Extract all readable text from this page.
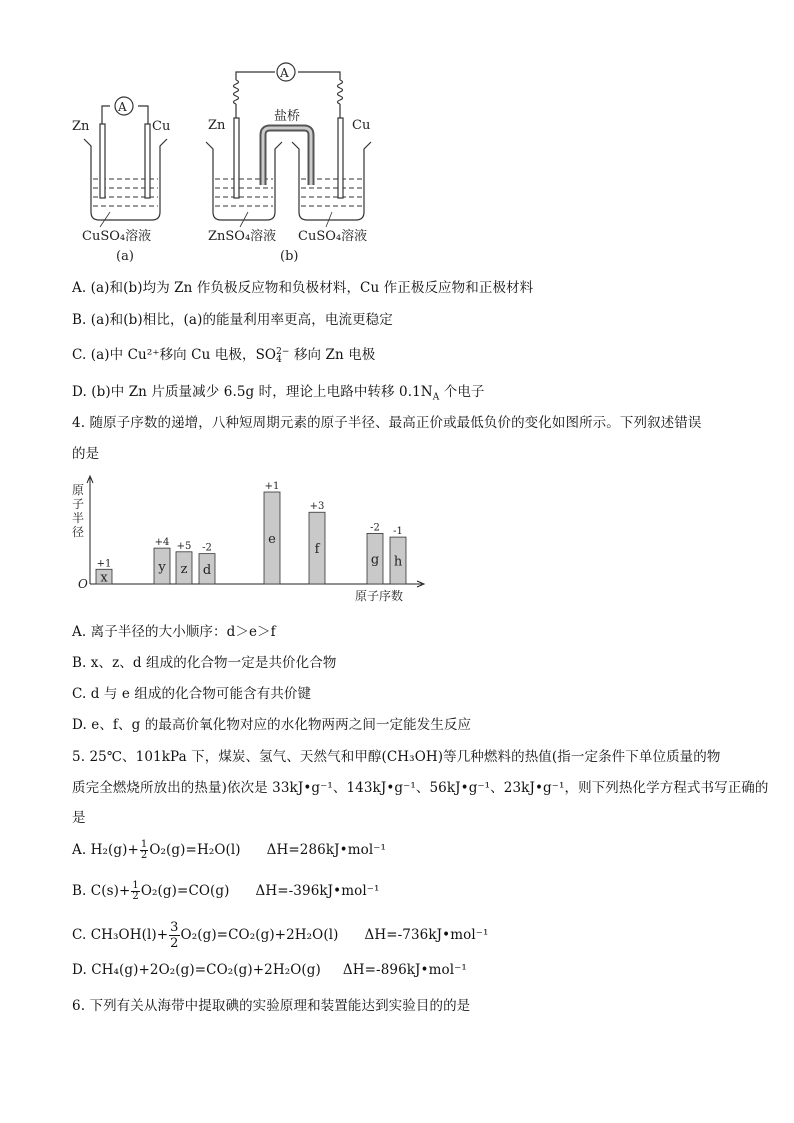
A
A
Zn	Cu
CuSO₄溶液
(a)
Zn	Cu
盐桥
ZnSO₄溶液 CuSO₄溶液
(b)
A. (a)和(b)均为 Zn 作负极反应物和负极材料，Cu 作正极反应物和正极材料
B. (a)和(b)相比，(a)的能量利用率更高，电流更稳定
C. (a)中 Cu²⁺移向 Cu 电极，SO 2−
4 移向 Zn 电极
D. (b)中 Zn 片质量减少 6.5g 时，理论上电路中转移 $0.1N_A$ 个电子
4. 随原子序数的递增，八种短周期元素的原子半径、最高正价或最低负价的变化如图所示。下列叙述错误
的是
O
原
子
半
径
原子序数
x
+1	y
+4
z
+5
d
-2
e
+1
f
+3
g
-2
h
-1
A. 离子半径的大小顺序：d＞e＞f
B. x、z、d 组成的化合物一定是共价化合物
C. d 与 e 组成的化合物可能含有共价键
D. e、f、g 的最高价氧化物对应的水化物两两之间一定能发生反应
5. 25℃、101kPa 下，煤炭、氢气、天然气和甲醇(CH₃OH)等几种燃料的热值(指一定条件下单位质量的物
质完全燃烧所放出的热量)依次是 33kJ•g⁻¹、143kJ•g⁻¹、56kJ•g⁻¹、23kJ•g⁻¹，则下列热化学方程式书写正确的
是
A. $H_2(g)+ \frac{1}{2} O_2(g)=H_2O(l)$ ΔH=286kJ•mol⁻¹
B. $C(s)+ \frac{1}{2} O_2(g)=CO(g)$ ΔH=-396kJ•mol⁻¹
C. $CH_3OH(l)+ \frac{3}{2} O_2(g)=CO_2(g)+2H_2O(l)$ ΔH=-736kJ•mol⁻¹
D. CH₄(g)+2O₂(g)=CO₂(g)+2H₂O(g) ΔH=-896kJ•mol⁻¹
6. 下列有关从海带中提取碘的实验原理和装置能达到实验目的的是
